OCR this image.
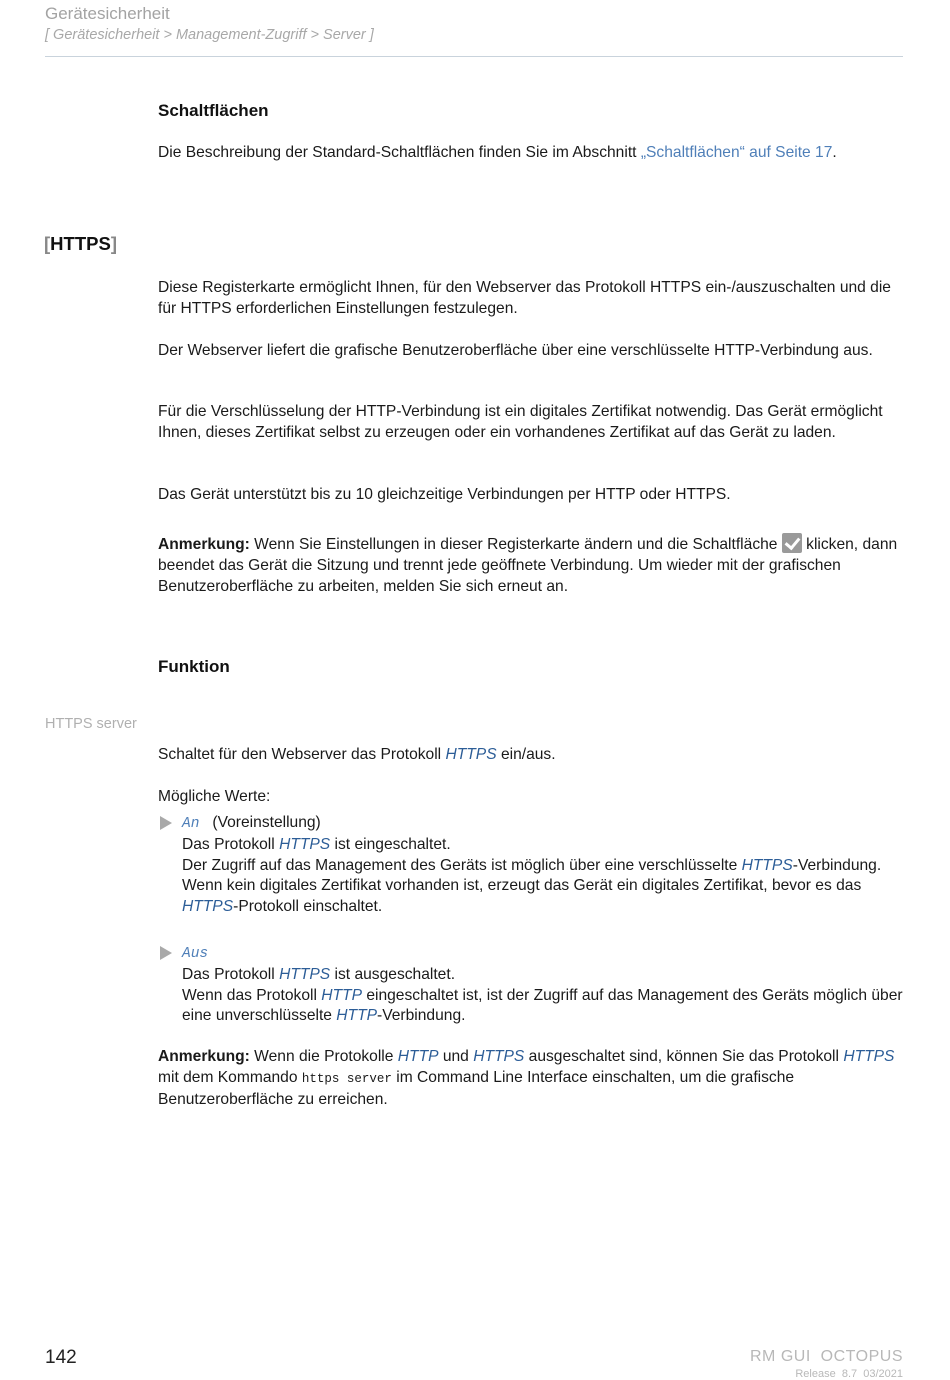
Gerätesicherheit
[ Gerätesicherheit > Management-Zugriff > Server ]
Schaltflächen
Die Beschreibung der Standard-Schaltflächen finden Sie im Abschnitt „Schaltflächen“ auf Seite 17.
[HTTPS]
Diese Registerkarte ermöglicht Ihnen, für den Webserver das Protokoll HTTPS ein-/auszuschalten und die für HTTPS erforderlichen Einstellungen festzulegen.
Der Webserver liefert die grafische Benutzeroberfläche über eine verschlüsselte HTTP-Verbindung aus.
Für die Verschlüsselung der HTTP-Verbindung ist ein digitales Zertifikat notwendig. Das Gerät ermöglicht Ihnen, dieses Zertifikat selbst zu erzeugen oder ein vorhandenes Zertifikat auf das Gerät zu laden.
Das Gerät unterstützt bis zu 10 gleichzeitige Verbindungen per HTTP oder HTTPS.
Anmerkung: Wenn Sie Einstellungen in dieser Registerkarte ändern und die Schaltfläche  klicken, dann beendet das Gerät die Sitzung und trennt jede geöffnete Verbindung. Um wieder mit der grafischen Benutzeroberfläche zu arbeiten, melden Sie sich erneut an.
Funktion
HTTPS server
Schaltet für den Webserver das Protokoll HTTPS ein/aus.
Mögliche Werte:
An (Voreinstellung)
Das Protokoll HTTPS ist eingeschaltet.
Der Zugriff auf das Management des Geräts ist möglich über eine verschlüsselte HTTPS-Verbindung.
Wenn kein digitales Zertifikat vorhanden ist, erzeugt das Gerät ein digitales Zertifikat, bevor es das HTTPS-Protokoll einschaltet.
Aus
Das Protokoll HTTPS ist ausgeschaltet.
Wenn das Protokoll HTTP eingeschaltet ist, ist der Zugriff auf das Management des Geräts möglich über eine unverschlüsselte HTTP-Verbindung.
Anmerkung: Wenn die Protokolle HTTP und HTTPS ausgeschaltet sind, können Sie das Protokoll HTTPS mit dem Kommando https server im Command Line Interface einschalten, um die grafische Benutzeroberfläche zu erreichen.
142	RM GUI  OCTOPUS
Release  8.7  03/2021
